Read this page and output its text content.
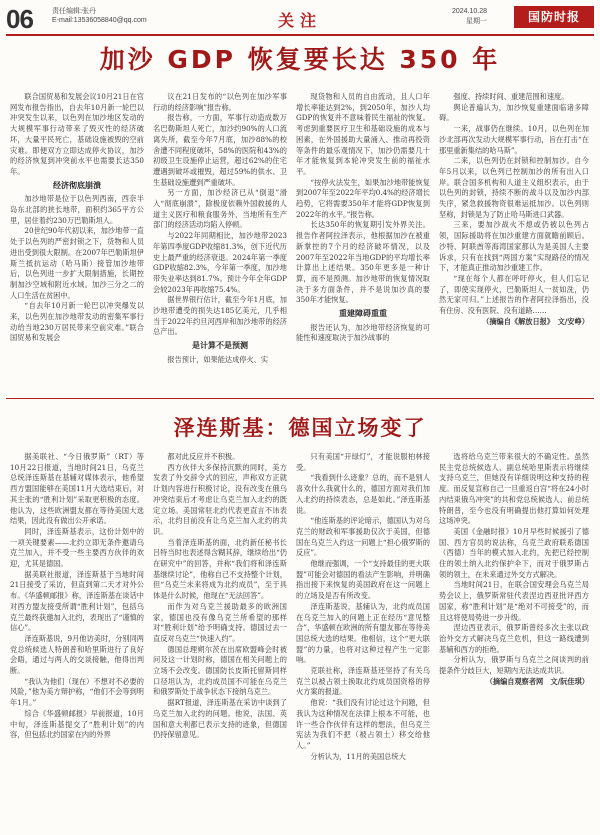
06	责任编辑:张丹
E-mail:13536058840@qq.com	关注	2024.10.28
星期一	国防时报
加沙 GDP 恢复要长达 350 年

联合国贸易和发展会议10月21日在官网发布报告指出，自去年10月新一轮巴以冲突发生以来，以色列在加沙地区发动的大规模军事行动带来了毁灭性的经济破坏，大量平民死亡，基础设施被毁的空前灾难。即便双方立即达成停火协议，加沙的经济恢复到冲突前水平也需要长达350年。

经济彻底崩溃

加沙地带是位于以色列西南，西奈半岛东北部的狭长地带，面积约365平方公里，居住着约230万巴勒斯坦人。

20世纪90年代初以来，加沙地带一直处于以色列的严密封锁之下，货物和人员进出受到很大限制。在2007年巴勒斯坦伊斯兰抵抗运动（哈马斯）接管加沙地带后，以色列进一步扩大限制措施，长期控制加沙空域和附近水域。加沙三分之二的人口生活在贫困中。

“自去年10月新一轮巴以冲突爆发以来，以色列在加沙地带发动的密集军事行动给当地230万居民带来空前灾难。”联合国贸易和发展会

议在21日发布的“以色列在加沙军事行动的经济影响”报告称。

报告称，一方面，军事行动造成数万名巴勒斯坦人死亡，加沙约90%的人口流离失所，截至今年7月底，加沙88%的校舍遭不同程度破坏，58%的医院和43%的初级卫生设施停止运营，超过62%的住宅遭遇到破坏或摧毁，超过59%的供水、卫生基础设施遭到严重破坏。

另一方面，加沙经济已从“倒退”滑入“彻底崩溃”，除极度依赖外国救援的人道主义医疗和粮食服务外，当地所有生产部门的经济活动均陷入停顿。

与2022年同期相比，加沙地带2023年第四季度GDP收缩81.3%，创下近代历史上最严重的经济衰退。2024年第一季度GDP收缩82.3%，今年第一季度，加沙地带失业率达到81.7%。预计今年全年GDP会较2023年再收缩75.4%。

据世界银行估计，截至今年1月底，加沙地带遭受的损失达185亿美元，几乎相当于2022年约旦河西岸和加沙地带的经济总产出。

是计算不是预测

报告预计，如果能达成停火、实

现货物和人员的自由流动，且人口年增长率能达到2%，到2050年，加沙人均GDP的恢复并不意味着民生福祉的恢复。考虑到重要医疗卫生和基础设施的成本与困素，在外国援助大量涌入、推动再投资等条件的最乐观情况下，加沙仍需要几十年才能恢复到本轮冲突发生前的福祉水平。

“按停火法发生，如果加沙地带能恢复到2007年至2022年平均0.4%的经济增长趋势，它将需要350年才能将GDP恢复到2022年的水平。”报告称。

长达350年的恢复期引发外界关注。报告作者阿拉泽表示，他根据加沙在被重新掌控的7个月的经济破坏情况，以及2007年至2022年当地GDP的平均增长率计算出上述结果。350年更多是一种计算，而不是预测。加沙地带的恢复情况取决于多方面条件，并不是说加沙真的要350年才能恢复。

重建障碍重重

报告还认为，加沙地带经济恢复的可能性和速度取决于加沙战事的

强度、持续时间、重建范围和速度。

舆论普遍认为，加沙恢复重建面临诸多障碍。

一来，战事仍在继续。10月，以色列在加沙北部再次发动大规模军事行动，旨在打击“在那里重新集结的哈马斯”。

二来，以色列仍在封锁和控制加沙。自今年5月以来，以色列已控制加沙的所有出入口岸。联合国多机构和人道主义组织表示，由于以色列的封锁，持续不断的战斗以及加沙内部失序，紧急救援物资很难运抵加沙。以色列则坚称，封锁是为了防止哈马斯进口武器。

三来，要加沙战火不熄或仍被以色列占领，国际援助将在加沙重建方面就瞻前顾后。沙特、阿联酋等海湾国家都认为是美国人主要诉求，只有在找到“两国方案”实现路径的情况下，才能真正推动加沙重建工作。

“现在每个人都在呼吁停火，但人们忘记了，即使实现停火，巴勒斯坦人一贫如洗，仍然无家可归。”上述报告的作者阿拉泽指出，没有住房、没有医院、没有道路……

（摘编自《解放日报》　文/安峥）

泽连斯基：德国立场变了

据美联社、“今日俄罗斯”（RT）等10月22日报道，当地时间21日，乌克兰总统泽连斯基在基辅对媒体表示，他希望西方盟国能够在美国11月大选结束后，对其主张的“胜利计划”采取更积极的态度。他认为，这些欧洲盟友都在等待美国大选结果，因此没有做出公开承诺。

同时，泽连斯基表示，这份计划中的一项关键要素——北约立即无条件邀请乌克兰加入，并不受一些主要西方伙伴的欢迎，尤其是德国。

据美联社报道，泽连斯基于当地时间21日接受了采访，但直到第二天才对外公布。《华盛顿邮报》称，泽连斯基在谈话中对西方盟友接受所谓“胜利计划”，包括乌克兰最终获邀加入北约，表现出了“谨慎的信心”。

泽连斯基说，9月他访美时，分别同两党总统候选人特朗普和哈里斯进行了良好会晤，通过与两人的交谈接触，他得出判断。

“我认为他们（现在）不想对不必要的风险，”他为美方辩护称，“他们不会等到明年1月。”

综合《华盛顿邮报》早前报道，10月中旬，泽连斯基提交了“胜利计划”的内容，但包括北约国家在内的外界

都对此反应并不积极。

西方伙伴大多保持沉默的同时，美方发表了外交辞令式的回应，声称双方正就计划内容进行积极讨论，没有改变在俄乌冲突结束后才考虑让乌克兰加入北约的既定立场。美国常驻北约代表更直言不讳表示，北约目前没有让乌克兰加入北约的共识。

当着泽连斯基的面，北约新任秘书长吕特当时也表述得含糊其辞，继续给出“仍在研究中”的回答，并称“我们将和泽连斯基继续讨论”，他称自己不支持整个计划，但“乌克兰未来将成为北约成员”，至于具体是什么时候，他现在“无法回答”。

而作为对乌克兰援助最多的欧洲国家，德国也没有像乌克兰所希望的那样对“胜利计划”给予明确支持。德国过去一直反对乌克兰“快速入约”。

德国总理朔尔茨在出席欧盟峰会时被问及这一计划时称，德国在相关问题上的立场不会改变。德国防长皮斯托留斯同样口径坦认为，北约成员国不可能在乌克兰和俄罗斯处于战争状态下接纳乌克兰。

据RT报道，泽连斯基在采访中谈到了乌克兰加入北约的问题。他说，法国、英国和意大利都已表示支持的迹象，但德国仍持保留意见。

只有美国“开绿灯”，才能说服柏林接受。

“我看到什么迹象？总的，而不是别人喜欢什么我就什么的，德国方面对我们加入北约的持续表态，总是如此。”泽连斯基说。

“他连斯基的评论暗示，德国认为对乌克兰的财政和军事援助仅次于美国，但德国在乌克兰入约这一问题上“担心俄罗斯的反应”。

他继而强调，一个“支持最佳的更大联盟”可能会对德国的看法产生影响，并明确指出接下来恢复的美国政府在这一问题上的立场及是否有所改变。

泽连斯基说，基辅认为，北约成员国在乌克兰加入的问题上正在经历“意见整合”，华盛顿在欧洲的所有盟友都在等待美国总统大选的结果。他相信，这个“更大联盟”的力量，也将对这种过程产生一定影响。

克联社称，泽连斯基还坚持了有关乌克兰以被占领土换取北约成员国资格的停火方案的报道。

他说：“我们没有讨论过这个问题，但我认为这种情况在法律上根本不可能，也许一些合作伙伴有这样的想法，但乌克兰宪法为我们不把（被占领土）移交给他人。”

分析认为，11月的美国总统大

选将给乌克兰带来很大的不确定性。虽然民主党总统候选人、副总统哈里斯表示将继续支持乌克兰，但她没有详细说明这种支持的程度。而反复宣称自己一旦重返白宫“将在24小时内结束俄乌冲突”的共和党总统候选人、前总统特朗普，至今也没有明确提出他打算如何处理这场冲突。

美国《金融时报》10月早些时候援引了德国、西方官员的说法称，乌克兰政府联系德国（西德）当年的模式加入北约，先把已经控制住的领土纳入北约保护伞下，而对于俄罗斯占领的领土，在未来通过外交方式解决。

当地时间21日，在联合国安理会乌克兰局势会议上，俄罗斯常驻代表涅边西亚批评西方国家，称“胜利计划”是“绝对不可接受”的，而且这将使局势进一步升级。

涅边西亚表示，俄罗斯曾经多次主张以政治外交方式解决乌克兰危机，但这一路线遭到基辅和西方的拒绝。

分析认为，俄罗斯与乌克兰之间谈判的前提条件分歧巨大，短期内无法达成共识。

（摘编自观察者网　文/阮佳琪）
